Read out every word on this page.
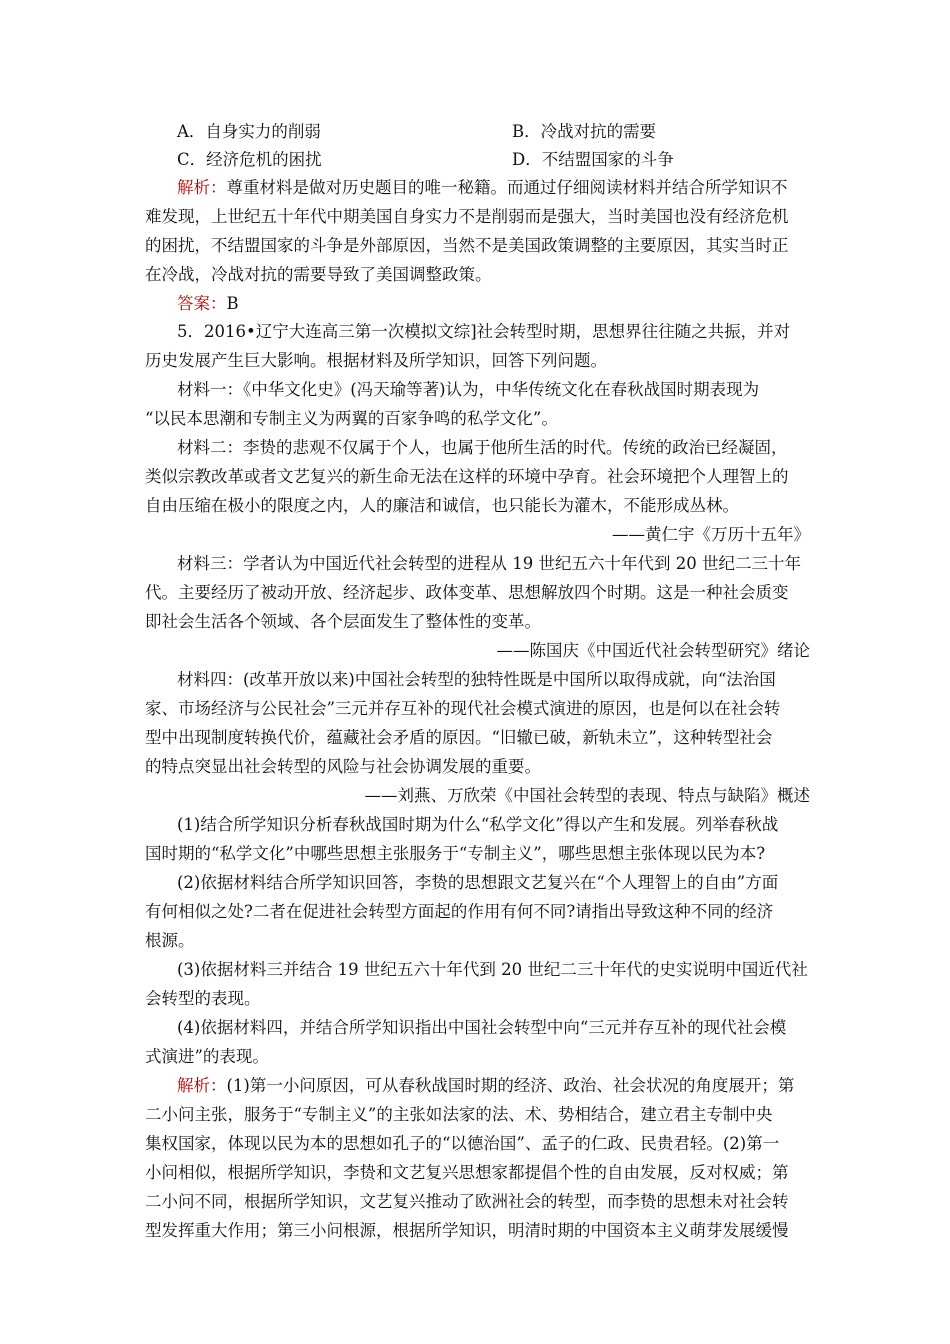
A．自身实力的削弱	B．冷战对抗的需要
C．经济危机的困扰	D．不结盟国家的斗争
解析：尊重材料是做对历史题目的唯一秘籍。而通过仔细阅读材料并结合所学知识不
难发现，上世纪五十年代中期美国自身实力不是削弱而是强大，当时美国也没有经济危机
的困扰，不结盟国家的斗争是外部原因，当然不是美国政策调整的主要原因，其实当时正
在冷战，冷战对抗的需要导致了美国调整政策。
答案：B
5．2016•辽宁大连高三第一次模拟文综]社会转型时期，思想界往往随之共振，并对
历史发展产生巨大影响。根据材料及所学知识，回答下列问题。
材料一：《中华文化史》(冯天瑜等著)认为，中华传统文化在春秋战国时期表现为
“以民本思潮和专制主义为两翼的百家争鸣的私学文化”。
材料二：李贽的悲观不仅属于个人，也属于他所生活的时代。传统的政治已经凝固，
类似宗教改革或者文艺复兴的新生命无法在这样的环境中孕育。社会环境把个人理智上的
自由压缩在极小的限度之内，人的廉洁和诚信，也只能长为灌木，不能形成丛林。
——黄仁宇《万历十五年》
材料三：学者认为中国近代社会转型的进程从 19 世纪五六十年代到 20 世纪二三十年
代。主要经历了被动开放、经济起步、政体变革、思想解放四个时期。这是一种社会质变
即社会生活各个领域、各个层面发生了整体性的变革。
——陈国庆《中国近代社会转型研究》绪论
材料四：(改革开放以来)中国社会转型的独特性既是中国所以取得成就，向“法治国
家、市场经济与公民社会”三元并存互补的现代社会模式演进的原因，也是何以在社会转
型中出现制度转换代价，蕴藏社会矛盾的原因。“旧辙已破，新轨未立”，这种转型社会
的特点突显出社会转型的风险与社会协调发展的重要。
——刘燕、万欣荣《中国社会转型的表现、特点与缺陷》概述
(1)结合所学知识分析春秋战国时期为什么“私学文化”得以产生和发展。列举春秋战
国时期的“私学文化”中哪些思想主张服务于“专制主义”，哪些思想主张体现以民为本?
(2)依据材料结合所学知识回答，李贽的思想跟文艺复兴在“个人理智上的自由”方面
有何相似之处?二者在促进社会转型方面起的作用有何不同?请指出导致这种不同的经济
根源。
(3)依据材料三并结合 19 世纪五六十年代到 20 世纪二三十年代的史实说明中国近代社
会转型的表现。
(4)依据材料四，并结合所学知识指出中国社会转型中向“三元并存互补的现代社会模
式演进”的表现。
解析：(1)第一小问原因，可从春秋战国时期的经济、政治、社会状况的角度展开；第
二小问主张，服务于“专制主义”的主张如法家的法、术、势相结合，建立君主专制中央
集权国家，体现以民为本的思想如孔子的“以德治国”、孟子的仁政、民贵君轻。(2)第一
小问相似，根据所学知识，李贽和文艺复兴思想家都提倡个性的自由发展，反对权威；第
二小问不同，根据所学知识，文艺复兴推动了欧洲社会的转型，而李贽的思想未对社会转
型发挥重大作用；第三小问根源，根据所学知识，明清时期的中国资本主义萌芽发展缓慢
